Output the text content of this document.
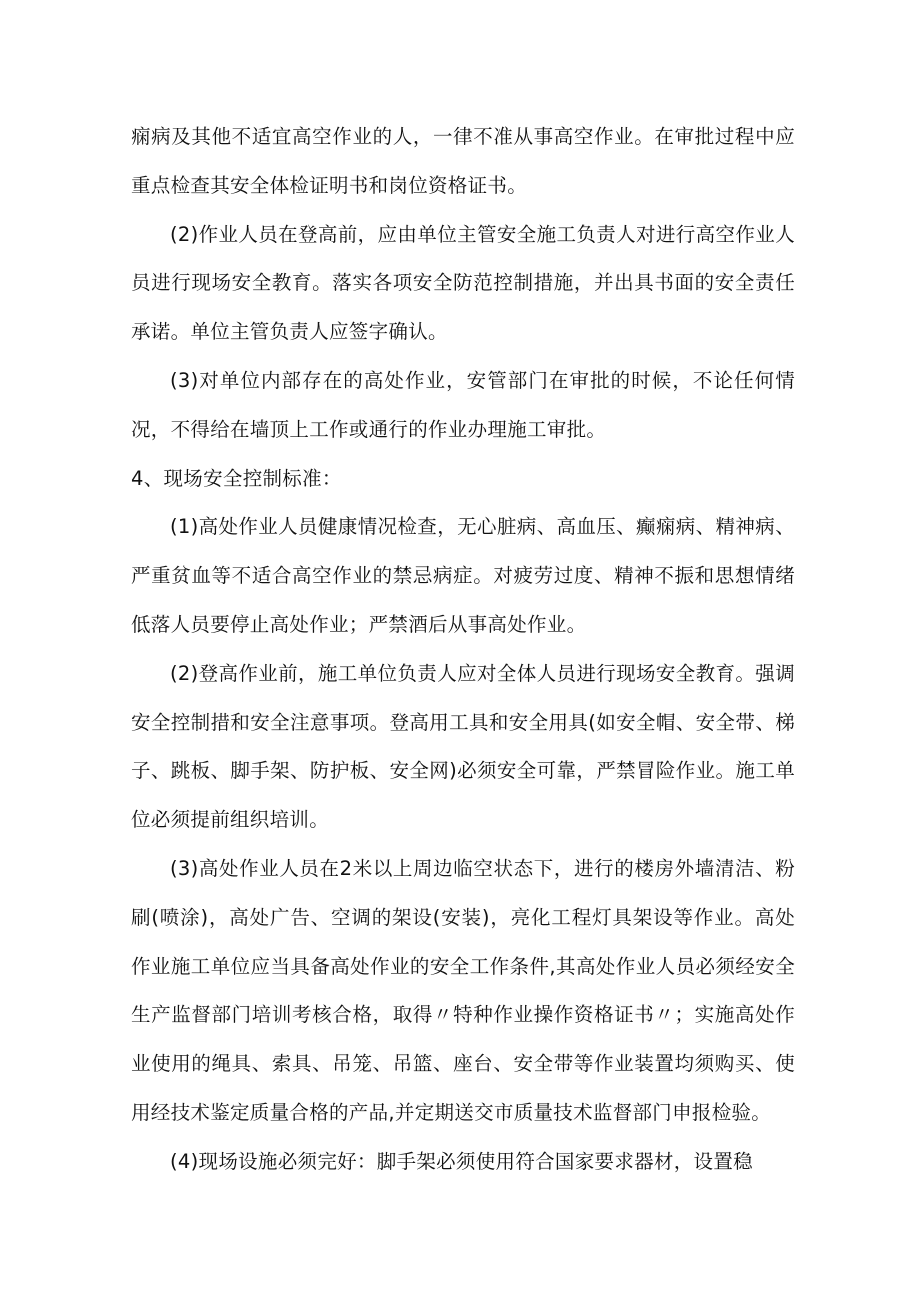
痫病及其他不适宜高空作业的人，一律不准从事高空作业。在审批过程中应重点检查其安全体检证明书和岗位资格证书。

(2)作业人员在登高前，应由单位主管安全施工负责人对进行高空作业人员进行现场安全教育。落实各项安全防范控制措施，并出具书面的安全责任承诺。单位主管负责人应签字确认。

(3)对单位内部存在的高处作业，安管部门在审批的时候，不论任何情况，不得给在墙顶上工作或通行的作业办理施工审批。

4、现场安全控制标准：

(1)高处作业人员健康情况检查，无心脏病、高血压、癫痫病、精神病、严重贫血等不适合高空作业的禁忌病症。对疲劳过度、精神不振和思想情绪低落人员要停止高处作业；严禁酒后从事高处作业。

(2)登高作业前，施工单位负责人应对全体人员进行现场安全教育。强调安全控制措和安全注意事项。登高用工具和安全用具(如安全帽、安全带、梯子、跳板、脚手架、防护板、安全网)必须安全可靠，严禁冒险作业。施工单位必须提前组织培训。

(3)高处作业人员在2米以上周边临空状态下，进行的楼房外墙清洁、粉刷(喷涂)，高处广告、空调的架设(安装)，亮化工程灯具架设等作业。高处作业施工单位应当具备高处作业的安全工作条件,其高处作业人员必须经安全生产监督部门培训考核合格，取得〃特种作业操作资格证书〃；实施高处作业使用的绳具、索具、吊笼、吊篮、座台、安全带等作业装置均须购买、使用经技术鉴定质量合格的产品,并定期送交市质量技术监督部门申报检验。

(4)现场设施必须完好：脚手架必须使用符合国家要求器材，设置稳
